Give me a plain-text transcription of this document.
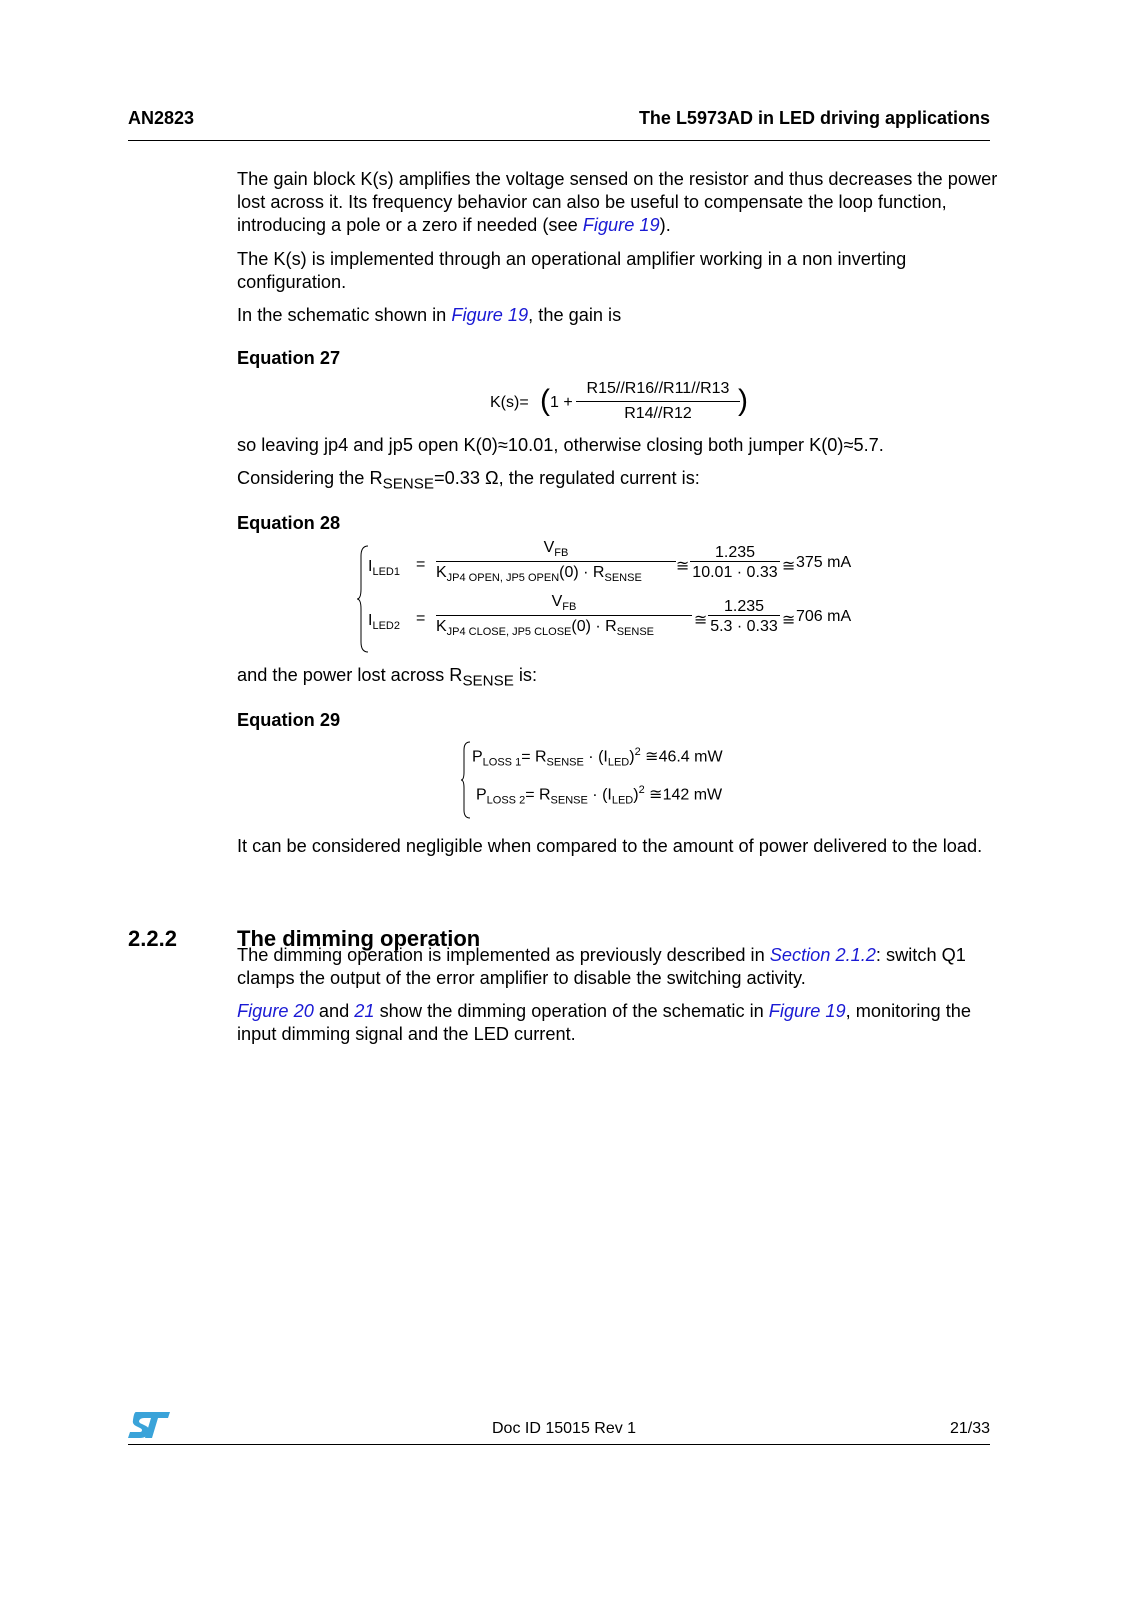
AN2823	The L5973AD in LED driving applications

The gain block K(s) amplifies the voltage sensed on the resistor and thus decreases the power lost across it. Its frequency behavior can also be useful to compensate the loop function, introducing a pole or a zero if needed (see Figure 19).

The K(s) is implemented through an operational amplifier working in a non inverting configuration.

In the schematic shown in Figure 19, the gain is

Equation 27
K(s)= ( 1 +
R15//R16//R11//R13
R14//R12	)

so leaving jp4 and jp5 open K(0)≈10.01, otherwise closing both jumper K(0)≈5.7.

Considering the $R_{SENSE}=0.33$ Ω, the regulated current is:

Equation 28
$I_{LED1}$ =
$V_{FB}$
$K_{JP4 OPEN, JP5 OPEN}(0) \cdot R_{SENSE}$
≅
1.235
10.01 · 0.33 ≅ 375 mA
$I_{LED2}$ =
$V_{FB}$
$K_{JP4 CLOSE, JP5 CLOSE}(0) \cdot R_{SENSE}$
≅
1.235
5.3 · 0.33 ≅ 706 mA

and the power lost across $R_{SENSE}$ is:

Equation 29
$P_{LOSS 1}= R_{SENSE} \cdot (I_{LED})^2$ ≅46.4 mW
$P_{LOSS 2}= R_{SENSE} \cdot (I_{LED})^2$ ≅142 mW

It can be considered negligible when compared to the amount of power delivered to the load.

2.2.2	The dimming operation

The dimming operation is implemented as previously described in Section 2.1.2: switch Q1 clamps the output of the error amplifier to disable the switching activity.

Figure 20 and 21 show the dimming operation of the schematic in Figure 19, monitoring the input dimming signal and the LED current.

Doc ID 15015 Rev 1	21/33
